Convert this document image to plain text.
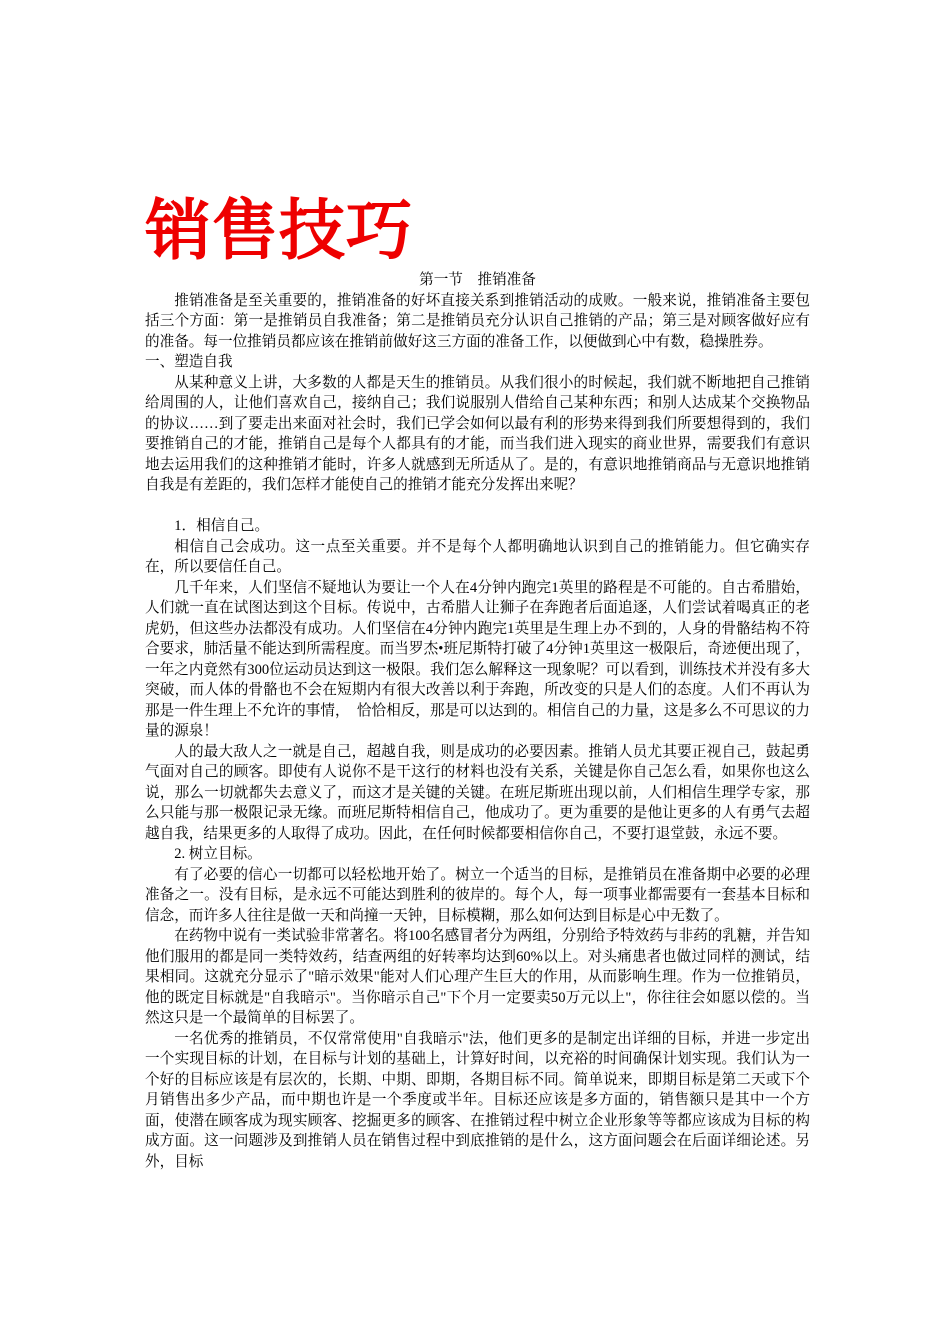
销售技巧

第一节　推销准备

推销准备是至关重要的，推销准备的好坏直接关系到推销活动的成败。一般来说，推销准备主要包括三个方面：第一是推销员自我准备；第二是推销员充分认识自己推销的产品；第三是对顾客做好应有的准备。每一位推销员都应该在推销前做好这三方面的准备工作，以便做到心中有数，稳操胜券。

一、塑造自我

从某种意义上讲，大多数的人都是天生的推销员。从我们很小的时候起，我们就不断地把自己推销给周围的人，让他们喜欢自己，接纳自己；我们说服别人借给自己某种东西；和别人达成某个交换物品的协议……到了要走出来面对社会时，我们已学会如何以最有利的形势来得到我们所要想得到的，我们要推销自己的才能，推销自己是每个人都具有的才能，而当我们进入现实的商业世界，需要我们有意识地去运用我们的这种推销才能时，许多人就感到无所适从了。是的，有意识地推销商品与无意识地推销自我是有差距的，我们怎样才能使自己的推销才能充分发挥出来呢？

1．相信自己。

相信自己会成功。这一点至关重要。并不是每个人都明确地认识到自己的推销能力。但它确实存在，所以要信任自己。

几千年来，人们坚信不疑地认为要让一个人在4分钟内跑完1英里的路程是不可能的。自古希腊始，人们就一直在试图达到这个目标。传说中，古希腊人让狮子在奔跑者后面追逐，人们尝试着喝真正的老虎奶，但这些办法都没有成功。人们坚信在4分钟内跑完1英里是生理上办不到的，人身的骨骼结构不符合要求，肺活量不能达到所需程度。而当罗杰•班尼斯特打破了4分钟1英里这一极限后，奇迹便出现了，一年之内竟然有300位运动员达到这一极限。我们怎么解释这一现象呢？可以看到，训练技术并没有多大突破，而人体的骨骼也不会在短期内有很大改善以利于奔跑，所改变的只是人们的态度。人们不再认为那是一件生理上不允许的事情，　恰恰相反，那是可以达到的。相信自己的力量，这是多么不可思议的力量的源泉！

人的最大敌人之一就是自己，超越自我，则是成功的必要因素。推销人员尤其要正视自己，鼓起勇气面对自己的顾客。即使有人说你不是干这行的材料也没有关系，关键是你自己怎么看，如果你也这么说，那么一切就都失去意义了，而这才是关键的关键。在班尼斯班出现以前，人们相信生理学专家，那么只能与那一极限记录无缘。而班尼斯特相信自己，他成功了。更为重要的是他让更多的人有勇气去超越自我，结果更多的人取得了成功。因此，在任何时候都要相信你自己，不要打退堂鼓，永远不要。

2. 树立目标。

有了必要的信心一切都可以轻松地开始了。树立一个适当的目标，是推销员在准备期中必要的必理准备之一。没有目标，是永远不可能达到胜利的彼岸的。每个人，每一项事业都需要有一套基本目标和信念，而许多人往往是做一天和尚撞一天钟，目标模糊，那么如何达到目标是心中无数了。

在药物中说有一类试验非常著名。将100名感冒者分为两组，分别给予特效药与非药的乳糖，并告知他们服用的都是同一类特效药，结查两组的好转率均达到60%以上。对头痛患者也做过同样的测试，结果相同。这就充分显示了"暗示效果"能对人们心理产生巨大的作用，从而影响生理。作为一位推销员，他的既定目标就是"自我暗示"。当你暗示自己"下个月一定要卖50万元以上"，你往往会如愿以偿的。当然这只是一个最简单的目标罢了。

一名优秀的推销员，不仅常常使用"自我暗示"法，他们更多的是制定出详细的目标，并进一步定出一个实现目标的计划，在目标与计划的基础上，计算好时间，以充裕的时间确保计划实现。我们认为一个好的目标应该是有层次的，长期、中期、即期，各期目标不同。简单说来，即期目标是第二天或下个月销售出多少产品，而中期也许是一个季度或半年。目标还应该是多方面的，销售额只是其中一个方面，使潜在顾客成为现实顾客、挖掘更多的顾客、在推销过程中树立企业形象等等都应该成为目标的构成方面。这一问题涉及到推销人员在销售过程中到底推销的是什么，这方面问题会在后面详细论述。另外，目标
